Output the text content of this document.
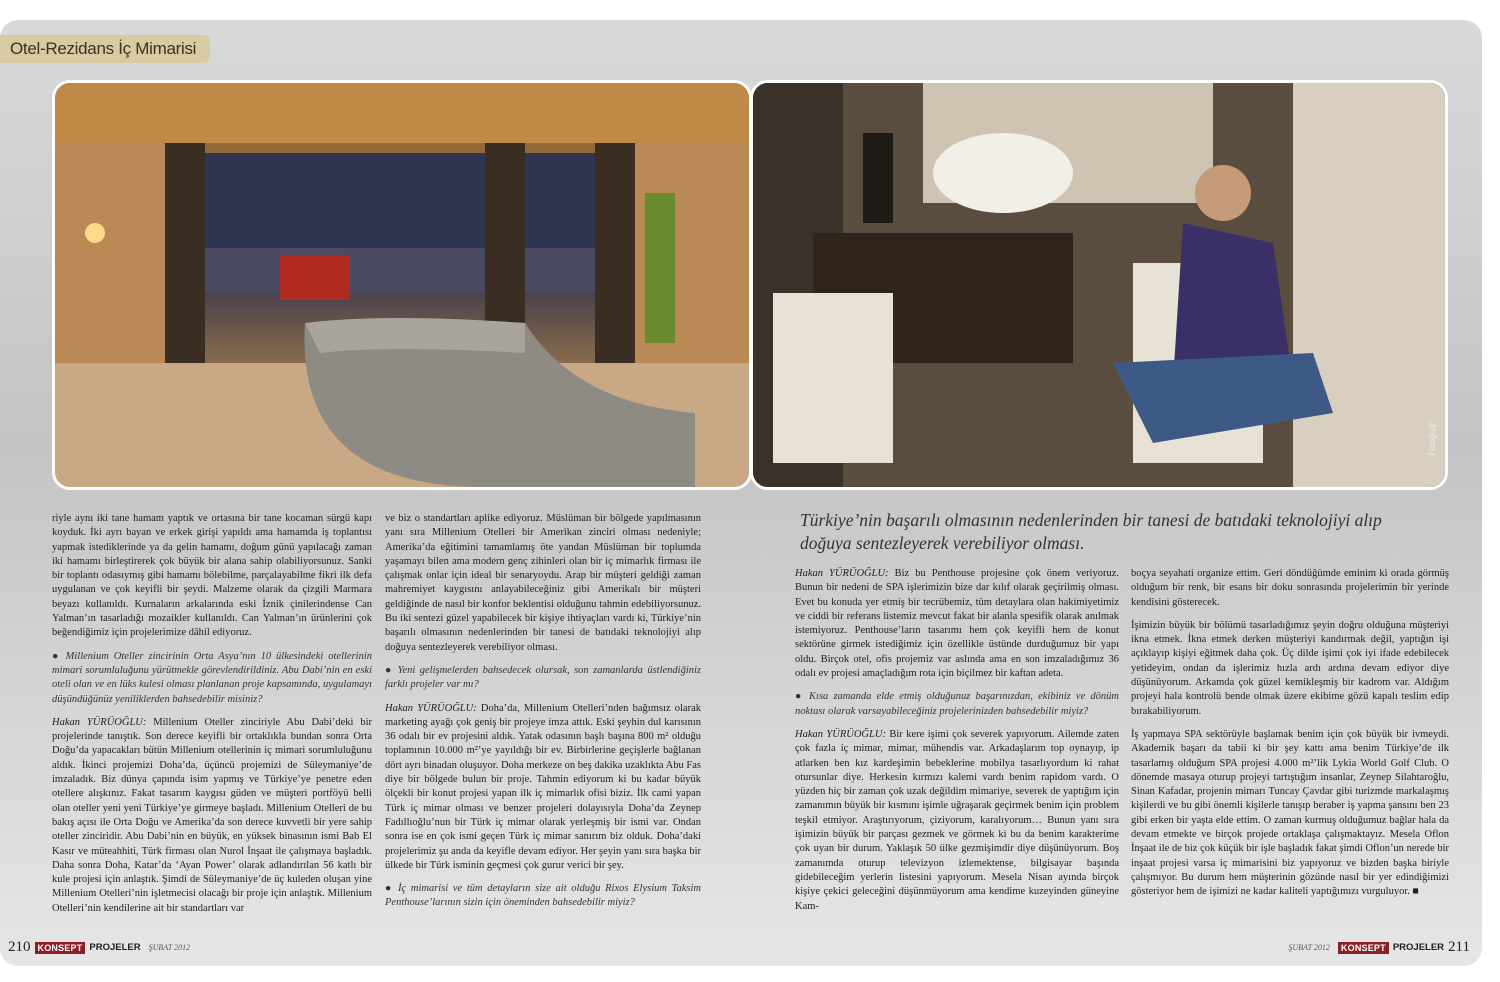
Otel-Rezidans İç Mimarisi
Fotoğraf:
Türkiye’nin başarılı olmasının nedenlerinden bir tanesi de batıdaki teknolojiyi alıp doğuya sentezleyerek verebiliyor olması.

riyle aynı iki tane hamam yaptık ve ortasına bir tane kocaman sürgü kapı koyduk. İki ayrı bayan ve erkek girişi yapıldı ama hamamda iş toplantısı yapmak istediklerinde ya da gelin hamamı, doğum günü yapılacağı zaman iki hamamı birleştirerek çok büyük bir alana sahip olabiliyorsunuz. Sanki bir toplantı odasıymış gibi hamamı bölebilme, parçalayabilme fikri ilk defa uygulanan ve çok keyifli bir şeydi. Malzeme olarak da çizgili Marmara beyazı kullanıldı. Kurnaların arkalarında eski İznik çinilerindense Can Yalman’ın tasarladığı mozaikler kullanıldı. Can Yalman’ın ürünlerini çok beğendiğimiz için projelerimize dâhil ediyoruz.

● Millenium Oteller zincirinin Orta Asya’nın 10 ülkesindeki otellerinin mimari sorumluluğunu yürütmekle görevlendirildiniz. Abu Dabi’nin en eski oteli olan ve en lüks kulesi olması planlanan proje kapsamında, uygulamayı düşündüğünüz yeniliklerden bahsedebilir misiniz?

Hakan YÜRÜOĞLU: Millenium Oteller zinciriyle Abu Dabi’deki bir projelerinde tanıştık. Son derece keyifli bir ortaklıkla bundan sonra Orta Doğu’da yapacakları bütün Millenium otellerinin iç mimari sorumluluğunu aldık. İkinci projemizi Doha’da, üçüncü projemizi de Süleymaniye’de imzaladık. Biz dünya çapında isim yapmış ve Türkiye’ye penetre eden otellere alışkınız. Fakat tasarım kaygısı güden ve müşteri portföyü belli olan oteller yeni yeni Türkiye’ye girmeye başladı. Millenium Otelleri de bu bakış açısı ile Orta Doğu ve Amerika’da son derece kuvvetli bir yere sahip oteller zinciridir. Abu Dabi’nin en büyük, en yüksek binasının ismi Bab El Kasır ve müteahhiti, Türk firması olan Nurol İnşaat ile çalışmaya başladık. Daha sonra Doha, Katar’da ‘Ayan Power’ olarak adlandırılan 56 katlı bir kule projesi için anlaştık. Şimdi de Süleymaniye’de üç kuleden oluşan yine Millenium Otelleri’nin işletmecisi olacağı bir proje için anlaştık. Millenium Otelleri’nin kendilerine ait bir standartları var

ve biz o standartları aplike ediyoruz. Müslüman bir bölgede yapılmasının yanı sıra Millenium Otelleri bir Amerikan zinciri olması nedeniyle; Amerika’da eğitimini tamamlamış öte yandan Müslüman bir toplumda yaşamayı bilen ama modern genç zihinleri olan bir iç mimarlık firması ile çalışmak onlar için ideal bir senaryoydu. Arap bir müşteri geldiği zaman mahremiyet kaygısını anlayabileceğiniz gibi Amerikalı bir müşteri geldiğinde de nasıl bir konfor beklentisi olduğunu tahmin edebiliyorsunuz. Bu iki sentezi güzel yapabilecek bir kişiye ihtiyaçları vardı ki, Türkiye’nin başarılı olmasının nedenlerinden bir tanesi de batıdaki teknolojiyi alıp doğuya sentezleyerek verebiliyor olması.

● Yeni gelişmelerden bahsedecek olursak, son zamanlarda üstlendiğiniz farklı projeler var mı?

Hakan YÜRÜOĞLU: Doha’da, Millenium Otelleri’nden bağımsız olarak marketing ayağı çok geniş bir projeye imza attık. Eski şeyhin dul karısının 36 odalı bir ev projesini aldık. Yatak odasının başlı başına 800 m² olduğu toplamının 10.000 m²’ye yayıldığı bir ev. Birbirlerine geçişlerle bağlanan dört ayrı binadan oluşuyor. Doha merkeze on beş dakika uzaklıkta Abu Fas diye bir bölgede bulun bir proje. Tahmin ediyorum ki bu kadar büyük ölçekli bir konut projesi yapan ilk iç mimarlık ofisi biziz. İlk cami yapan Türk iç mimar olması ve benzer projeleri dolayısıyla Doha’da Zeynep Fadıllıoğlu’nun bir Türk iç mimar olarak yerleşmiş bir ismi var. Ondan sonra ise en çok ismi geçen Türk iç mimar sanırım biz olduk. Doha’daki projelerimiz şu anda da keyifle devam ediyor. Her şeyin yanı sıra başka bir ülkede bir Türk isminin geçmesi çok gurur verici bir şey.

● İç mimarisi ve tüm detayların size ait olduğu Rixos Elysium Taksim Penthouse’larının sizin için öneminden bahsedebilir miyiz?

Hakan YÜRÜOĞLU: Biz bu Penthouse projesine çok önem veriyoruz. Bunun bir nedeni de SPA işlerimizin bize dar kılıf olarak geçirilmiş olması. Evet bu konuda yer etmiş bir tecrübemiz, tüm detaylara olan hakimiyetimiz ve ciddi bir referans listemiz mevcut fakat bir alanla spesifik olarak anılmak istemiyoruz. Penthouse’ların tasarımı hem çok keyifli hem de konut sektörüne girmek istediğimiz için özellikle üstünde durduğumuz bir yapı oldu. Birçok otel, ofis projemiz var aslında ama en son imzaladığımız 36 odalı ev projesi amaçladığım rota için biçilmez bir kaftan adeta.

● Kısa zamanda elde etmiş olduğunuz başarınızdan, ekibiniz ve dönüm noktası olarak varsayabileceğiniz projelerinizden bahsedebilir miyiz?

Hakan YÜRÜOĞLU: Bir kere işimi çok severek yapıyorum. Ailemde zaten çok fazla iç mimar, mimar, mühendis var. Arkadaşlarım top oynayıp, ip atlarken ben kız kardeşimin bebeklerine mobilya tasarlıyordum ki rahat otursunlar diye. Herkesin kırmızı kalemi vardı benim rapidom vardı. O yüzden hiç bir zaman çok uzak değildim mimariye, severek de yaptığım için zamanımın büyük bir kısmını işimle uğraşarak geçirmek benim için problem teşkil etmiyor. Araştırıyorum, çiziyorum, karalıyorum… Bunun yanı sıra işimizin büyük bir parçası gezmek ve görmek ki bu da benim karakterime çok uyan bir durum. Yaklaşık 50 ülke gezmişimdir diye düşünüyorum. Boş zamanımda oturup televizyon izlemektense, bilgisayar başında gidebileceğim yerlerin listesini yapıyorum. Mesela Nisan ayında birçok kişiye çekici geleceğini düşünmüyorum ama kendime kuzeyinden güneyine Kam-

boçya seyahati organize ettim. Geri döndüğümde eminim ki orada görmüş olduğum bir renk, bir esans bir doku sonrasında projelerimin bir yerinde kendisini gösterecek.

İşimizin büyük bir bölümü tasarladığımız şeyin doğru olduğuna müşteriyi ikna etmek. İkna etmek derken müşteriyi kandırmak değil, yaptığın işi açıklayıp kişiyi eğitmek daha çok. Üç dilde işimi çok iyi ifade edebilecek yetideyim, ondan da işlerimiz hızla ardı ardına devam ediyor diye düşünüyorum. Arkamda çok güzel kemikleşmiş bir kadrom var. Aldığım projeyi hala kontrolü bende olmak üzere ekibime gözü kapalı teslim edip bırakabiliyorum.

İş yapmaya SPA sektörüyle başlamak benim için çok büyük bir ivmeydi. Akademik başarı da tabii ki bir şey kattı ama benim Türkiye’de ilk tasarlamış olduğum SPA projesi 4.000 m²’lik Lykia World Golf Club. O dönemde masaya oturup projeyi tartıştığım insanlar, Zeynep Silahtaroğlu, Sinan Kafadar, projenin mimarı Tuncay Çavdar gibi turizmde markalaşmış kişilerdi ve bu gibi önemli kişilerle tanışıp beraber iş yapma şansını ben 23 gibi erken bir yaşta elde ettim. O zaman kurmuş olduğumuz bağlar hala da devam etmekte ve birçok projede ortaklaşa çalışmaktayız. Mesela Oflon İnşaat ile de biz çok küçük bir işle başladık fakat şimdi Oflon’un nerede bir inşaat projesi varsa iç mimarisini biz yapıyoruz ve bizden başka biriyle çalışmıyor. Bu durum hem müşterinin gözünde nasıl bir yer edindiğimizi gösteriyor hem de işimizi ne kadar kaliteli yaptığımızı vurguluyor. ■

210 KONSEPT PROJELER ŞUBAT 2012	ŞUBAT 2012	KONSEPT PROJELER 211
